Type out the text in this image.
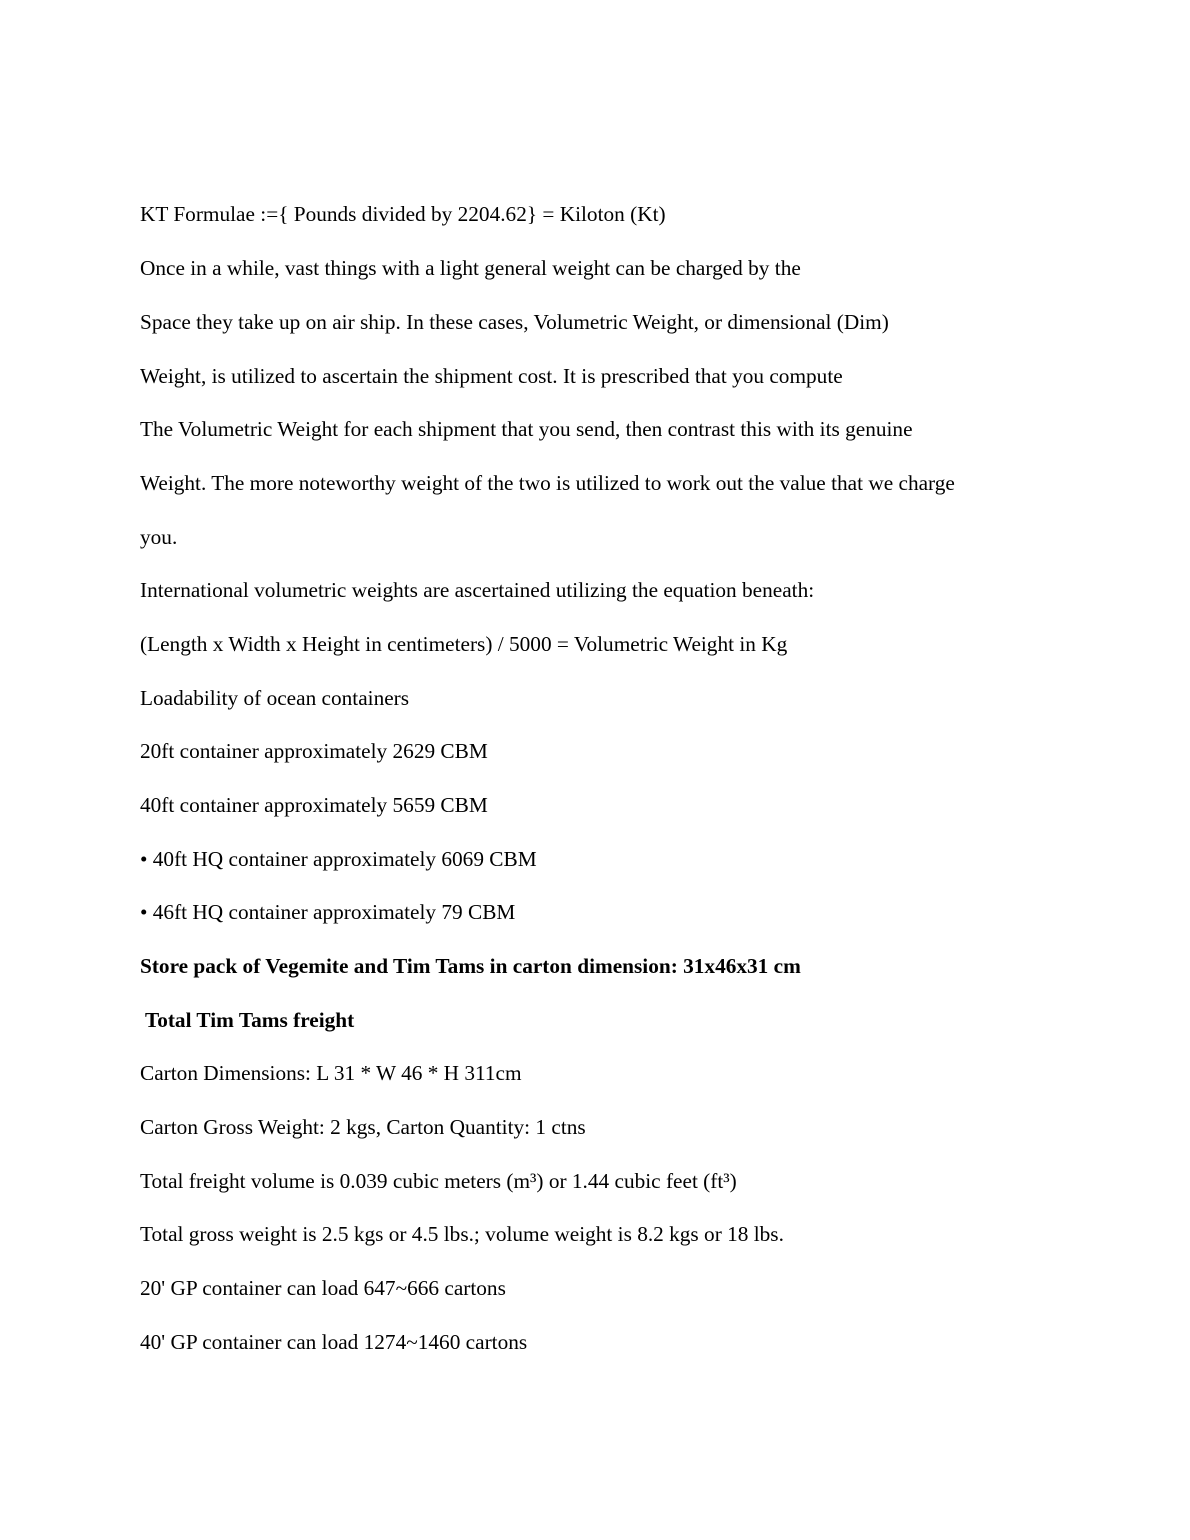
KT Formulae :={ Pounds divided by 2204.62} = Kiloton (Kt)
Once in a while, vast things with a light general weight can be charged by the
Space they take up on air ship. In these cases, Volumetric Weight, or dimensional (Dim)
Weight, is utilized to ascertain the shipment cost. It is prescribed that you compute
The Volumetric Weight for each shipment that you send, then contrast this with its genuine
Weight. The more noteworthy weight of the two is utilized to work out the value that we charge
you.
International volumetric weights are ascertained utilizing the equation beneath:
(Length x Width x Height in centimeters) / 5000 = Volumetric Weight in Kg
Loadability of ocean containers
20ft container approximately 2629 CBM
40ft container approximately 5659 CBM
• 40ft HQ container approximately 6069 CBM
• 46ft HQ container approximately 79 CBM
Store pack of Vegemite and Tim Tams in carton dimension: 31x46x31 cm
Total Tim Tams freight
Carton Dimensions: L 31 * W 46 * H 311cm
Carton Gross Weight: 2 kgs, Carton Quantity: 1 ctns
Total freight volume is 0.039 cubic meters (m³) or 1.44 cubic feet (ft³)
Total gross weight is 2.5 kgs or 4.5 lbs.; volume weight is 8.2 kgs or 18 lbs.
20' GP container can load 647~666 cartons
40' GP container can load 1274~1460 cartons
